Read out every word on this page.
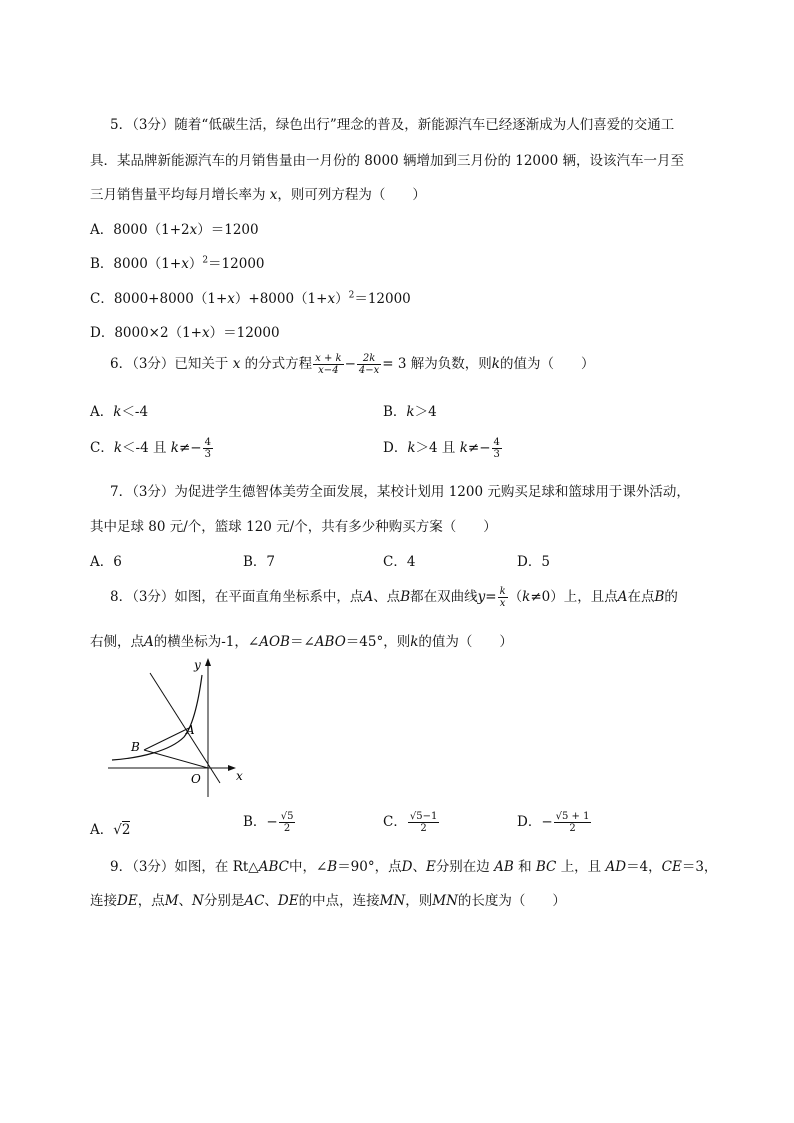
5．（3分）随着“低碳生活，绿色出行”理念的普及，新能源汽车已经逐渐成为人们喜爱的交通工
具．某品牌新能源汽车的月销售量由一月份的 8000 辆增加到三月份的 12000 辆，设该汽车一月至
三月销售量平均每月增长率为 x，则可列方程为（　　）
A．8000（1+2x）＝1200
B．$8000(1+x)^2=12000$
C．$8000+8000(1+x)+8000(1+x)^2=12000$
D．8000×2（1+x）＝12000
6．（3分）已知关于 x 的分式方程 $\frac{x + k}{x-4} - \frac{2k}{4-x} = 3$ 解为负数，则k的值为（　　）
A．k＜-4	B．k＞4
C．k＜-4 且 $k\ne- \frac{4}{3}$	D．k＞4 且 $k\ne- \frac{4}{3}$
7．（3分）为促进学生德智体美劳全面发展，某校计划用 1200 元购买足球和篮球用于课外活动，
其中足球 80 元/个，篮球 120 元/个，共有多少种购买方案（　　）
A．6	B．7	C．4	D．5
8．（3分）如图，在平面直角坐标系中，点A、点B都在双曲线$y= \frac{k}{x} (k\ne 0)$上，且点A在点B的
右侧，点A的横坐标为-1，∠AOB＝∠ABO＝45°，则k的值为（　　）
y
x
A
B
O
A．√2	B．− $\frac{√5}{2}$	C． $\frac{√5-1}{2}$	D．− $\frac{√5 + 1}{2}$
9．（3分）如图，在 Rt△ABC中，∠B＝90°，点D、E分别在边 AB 和 BC 上，且 AD＝4，CE＝3，
连接DE，点M、N分别是AC、DE的中点，连接MN，则MN的长度为（　　）
